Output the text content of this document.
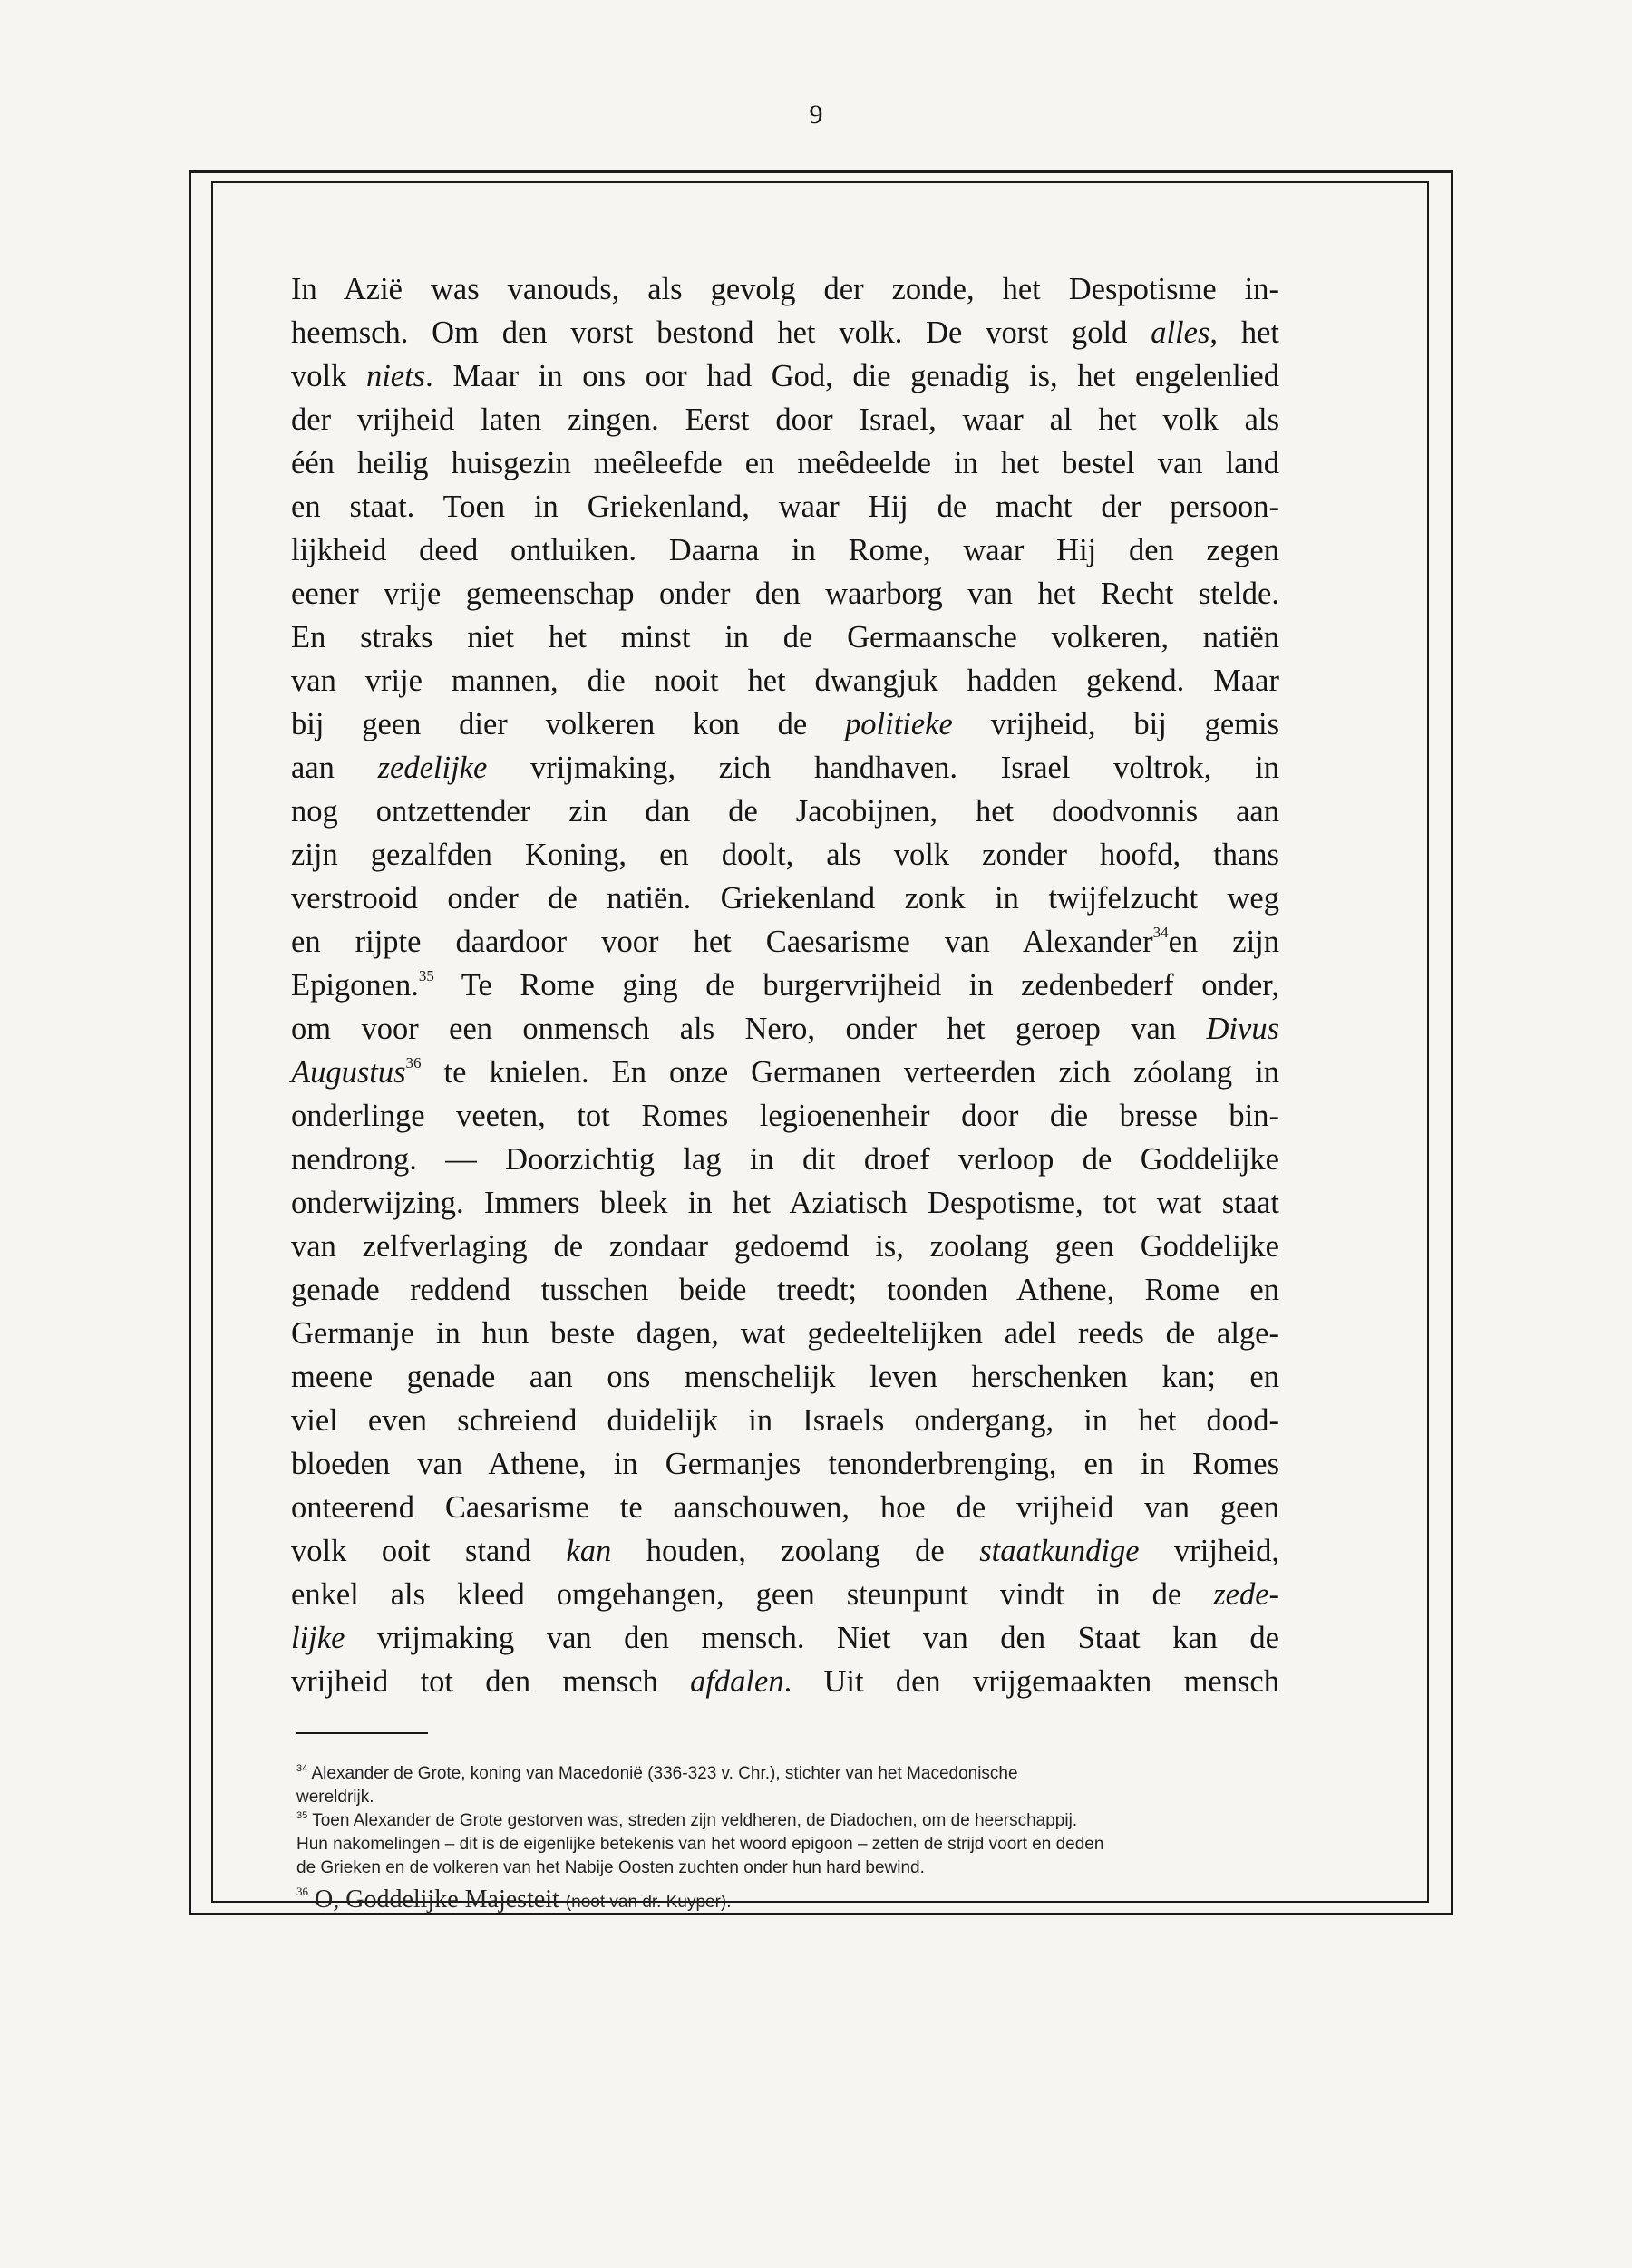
9
In Azië was vanouds, als gevolg der zonde, het Despotisme in-
heemsch. Om den vorst bestond het volk. De vorst gold alles, het
volk niets. Maar in ons oor had God, die genadig is, het engelenlied
der vrijheid laten zingen. Eerst door Israel, waar al het volk als
één heilig huisgezin meêleefde en meêdeelde in het bestel van land
en staat. Toen in Griekenland, waar Hij de macht der persoon-
lijkheid deed ontluiken. Daarna in Rome, waar Hij den zegen
eener vrije gemeenschap onder den waarborg van het Recht stelde.
En straks niet het minst in de Germaansche volkeren, natiën
van vrije mannen, die nooit het dwangjuk hadden gekend. Maar
bij geen dier volkeren kon de politieke vrijheid, bij gemis
aan zedelijke vrijmaking, zich handhaven. Israel voltrok, in
nog ontzettender zin dan de Jacobijnen, het doodvonnis aan
zijn gezalfden Koning, en doolt, als volk zonder hoofd, thans
verstrooid onder de natiën. Griekenland zonk in twijfelzucht weg
en rijpte daardoor voor het Caesarisme van Alexander$^{34}$en zijn
Epigonen.$^{35}$ Te Rome ging de burgervrijheid in zedenbederf onder,
om voor een onmensch als Nero, onder het geroep van Divus
Augustus$^{36}$ te knielen. En onze Germanen verteerden zich zóolang in
onderlinge veeten, tot Romes legioenenheir door die bresse bin-
nendrong. — Doorzichtig lag in dit droef verloop de Goddelijke
onderwijzing. Immers bleek in het Aziatisch Despotisme, tot wat staat
van zelfverlaging de zondaar gedoemd is, zoolang geen Goddelijke
genade reddend tusschen beide treedt; toonden Athene, Rome en
Germanje in hun beste dagen, wat gedeeltelijken adel reeds de alge-
meene genade aan ons menschelijk leven herschenken kan; en
viel even schreiend duidelijk in Israels ondergang, in het dood-
bloeden van Athene, in Germanjes tenonderbrenging, en in Romes
onteerend Caesarisme te aanschouwen, hoe de vrijheid van geen
volk ooit stand kan houden, zoolang de staatkundige vrijheid,
enkel als kleed omgehangen, geen steunpunt vindt in de zede-
lijke vrijmaking van den mensch. Niet van den Staat kan de
vrijheid tot den mensch afdalen. Uit den vrijgemaakten mensch
$^{34}$ Alexander de Grote, koning van Macedonië (336-323 v. Chr.), stichter van het Macedonische
wereldrijk.
$^{35}$ Toen Alexander de Grote gestorven was, streden zijn veldheren, de Diadochen, om de heerschappij.
Hun nakomelingen – dit is de eigenlijke betekenis van het woord epigoon – zetten de strijd voort en deden
de Grieken en de volkeren van het Nabije Oosten zuchten onder hun hard bewind.
$^{36}$ O, Goddelijke Majesteit (noot van dr. Kuyper).
